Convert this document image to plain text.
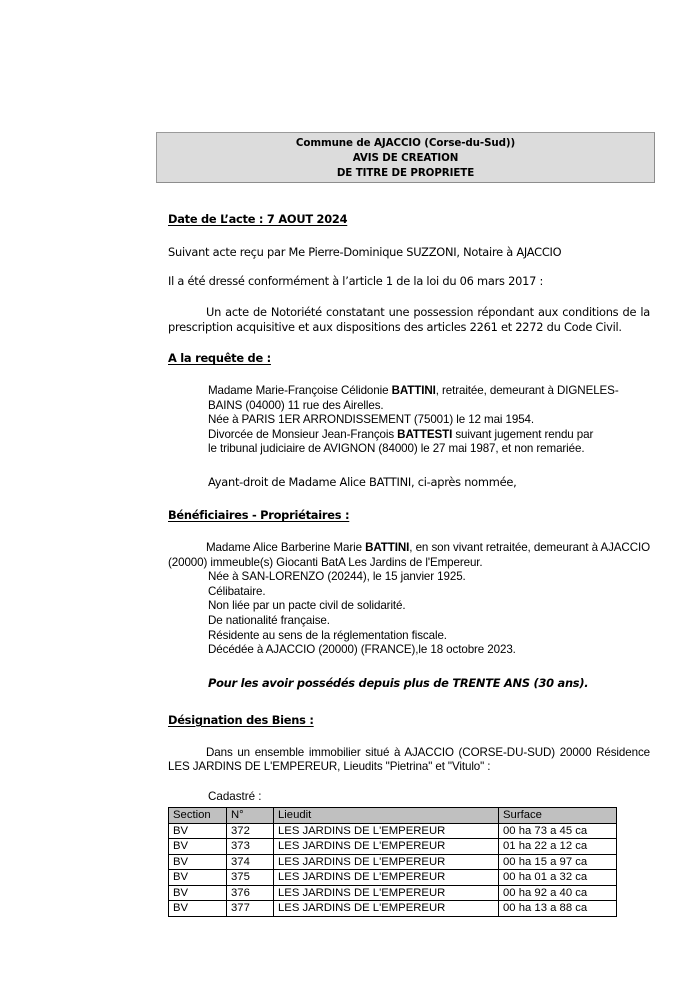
Commune de AJACCIO (Corse-du-Sud))
AVIS DE CREATION
DE TITRE DE PROPRIETE
Date de L’acte : 7 AOUT 2024
Suivant acte reçu par Me Pierre-Dominique SUZZONI, Notaire à AJACCIO
Il a été dressé conformément à l’article 1 de la loi du 06 mars 2017 :
Un acte de Notoriété constatant une possession répondant aux conditions de la prescription acquisitive et aux dispositions des articles 2261 et 2272 du Code Civil.
A la requête de :
Madame Marie-Françoise Célidonie BATTINI, retraitée, demeurant à DIGNELES-BAINS (04000) 11 rue des Airelles.
Née à PARIS 1ER ARRONDISSEMENT (75001) le 12 mai 1954.
Divorcée de Monsieur Jean-François BATTESTI suivant jugement rendu par
le tribunal judiciaire de AVIGNON (84000) le 27 mai 1987, et non remariée.
Ayant-droit de Madame Alice BATTINI, ci-après nommée,
Bénéficiaires - Propriétaires :
Madame Alice Barberine Marie BATTINI, en son vivant retraitée, demeurant à AJACCIO (20000) immeuble(s) Giocanti BatA Les Jardins de l'Empereur.
Née à SAN-LORENZO (20244), le 15 janvier 1925.
Célibataire.
Non liée par un pacte civil de solidarité.
De nationalité française.
Résidente au sens de la réglementation fiscale.
Décédée à AJACCIO (20000) (FRANCE),le 18 octobre 2023.
Pour les avoir possédés depuis plus de TRENTE ANS (30 ans).
Désignation des Biens :
Dans un ensemble immobilier situé à AJACCIO (CORSE-DU-SUD) 20000 Résidence LES JARDINS DE L'EMPEREUR, Lieudits "Pietrina" et "Vitulo" :
Cadastré :
Section	N°	Lieudit	Surface
BV	372	LES JARDINS DE L'EMPEREUR	00 ha 73 a 45 ca
BV	373	LES JARDINS DE L'EMPEREUR	01 ha 22 a 12 ca
BV	374	LES JARDINS DE L'EMPEREUR	00 ha 15 a 97 ca
BV	375	LES JARDINS DE L'EMPEREUR	00 ha 01 a 32 ca
BV	376	LES JARDINS DE L'EMPEREUR	00 ha 92 a 40 ca
BV	377	LES JARDINS DE L'EMPEREUR	00 ha 13 a 88 ca
